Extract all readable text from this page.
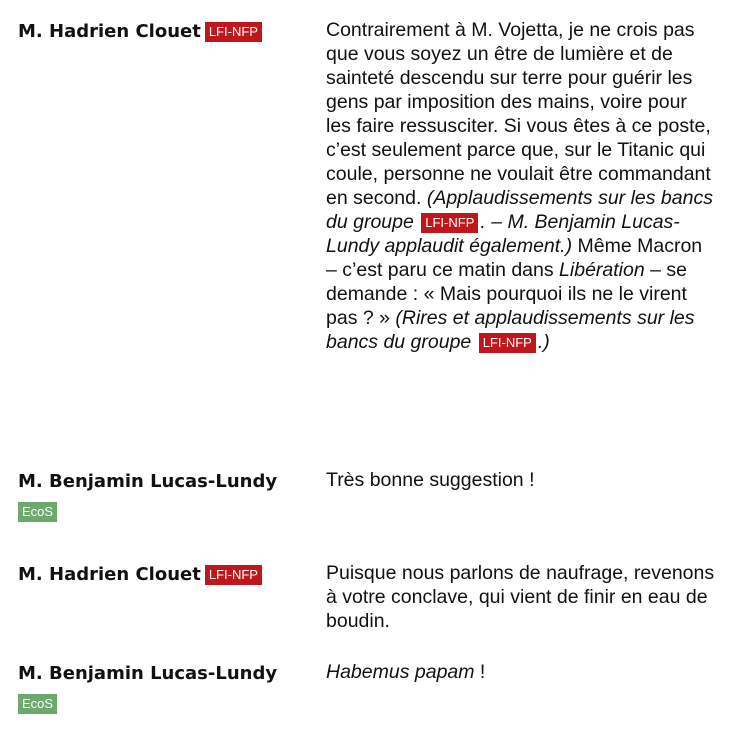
M. Hadrien Clouet LFI-NFP	Contrairement à M. Vojetta, je ne crois pas que vous soyez un être de lumière et de sainteté descendu sur terre pour guérir les gens par imposition des mains, voire pour les faire ressusciter. Si vous êtes à ce poste, c’est seulement parce que, sur le Titanic qui coule, personne ne voulait être commandant en second. (Applaudissements sur les bancs du groupe LFI-NFP . – M. Benjamin Lucas-Lundy applaudit également.) Même Macron – c’est paru ce matin dans Libération – se demande : « Mais pourquoi ils ne le virent pas ? » (Rires et applaudissements sur les bancs du groupe LFI-NFP .)
M. Benjamin Lucas-Lundy
EcoS
Très bonne suggestion !
M. Hadrien Clouet LFI-NFP	Puisque nous parlons de naufrage, revenons à votre conclave, qui vient de finir en eau de boudin.
M. Benjamin Lucas-Lundy
EcoS
Habemus papam !
